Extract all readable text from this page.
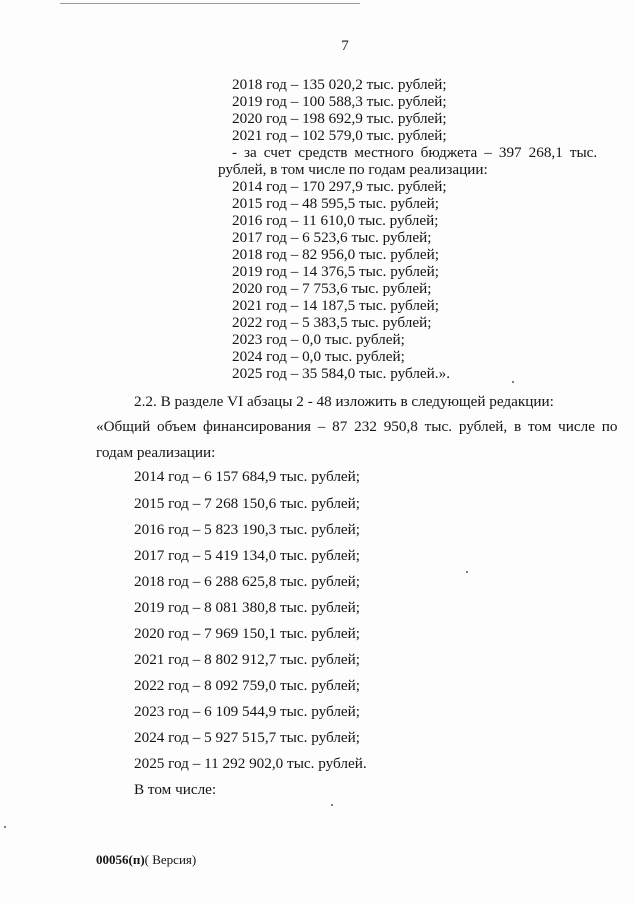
7
2018 год – 135 020,2 тыс. рублей;
2019 год – 100 588,3 тыс. рублей;
2020 год – 198 692,9 тыс. рублей;
2021 год – 102 579,0 тыс. рублей;
- за счет средств местного бюджета – 397 268,1 тыс.
рублей, в том числе по годам реализации:
2014 год – 170 297,9 тыс. рублей;
2015 год – 48 595,5 тыс. рублей;
2016 год – 11 610,0 тыс. рублей;
2017 год – 6 523,6 тыс. рублей;
2018 год – 82 956,0 тыс. рублей;
2019 год – 14 376,5 тыс. рублей;
2020 год – 7 753,6 тыс. рублей;
2021 год – 14 187,5 тыс. рублей;
2022 год – 5 383,5 тыс. рублей;
2023 год – 0,0 тыс. рублей;
2024 год – 0,0 тыс. рублей;
2025 год – 35 584,0 тыс. рублей.».
2.2. В разделе VI абзацы 2 - 48 изложить в следующей редакции:
«Общий объем финансирования – 87 232 950,8 тыс. рублей, в том числе по
годам реализации:
2014 год – 6 157 684,9 тыс. рублей;
2015 год – 7 268 150,6 тыс. рублей;
2016 год – 5 823 190,3 тыс. рублей;
2017 год – 5 419 134,0 тыс. рублей;
2018 год – 6 288 625,8 тыс. рублей;
2019 год – 8 081 380,8 тыс. рублей;
2020 год – 7 969 150,1 тыс. рублей;
2021 год – 8 802 912,7 тыс. рублей;
2022 год – 8 092 759,0 тыс. рублей;
2023 год – 6 109 544,9 тыс. рублей;
2024 год – 5 927 515,7 тыс. рублей;
2025 год – 11 292 902,0 тыс. рублей.
В том числе:
00056(п)( Версия)
